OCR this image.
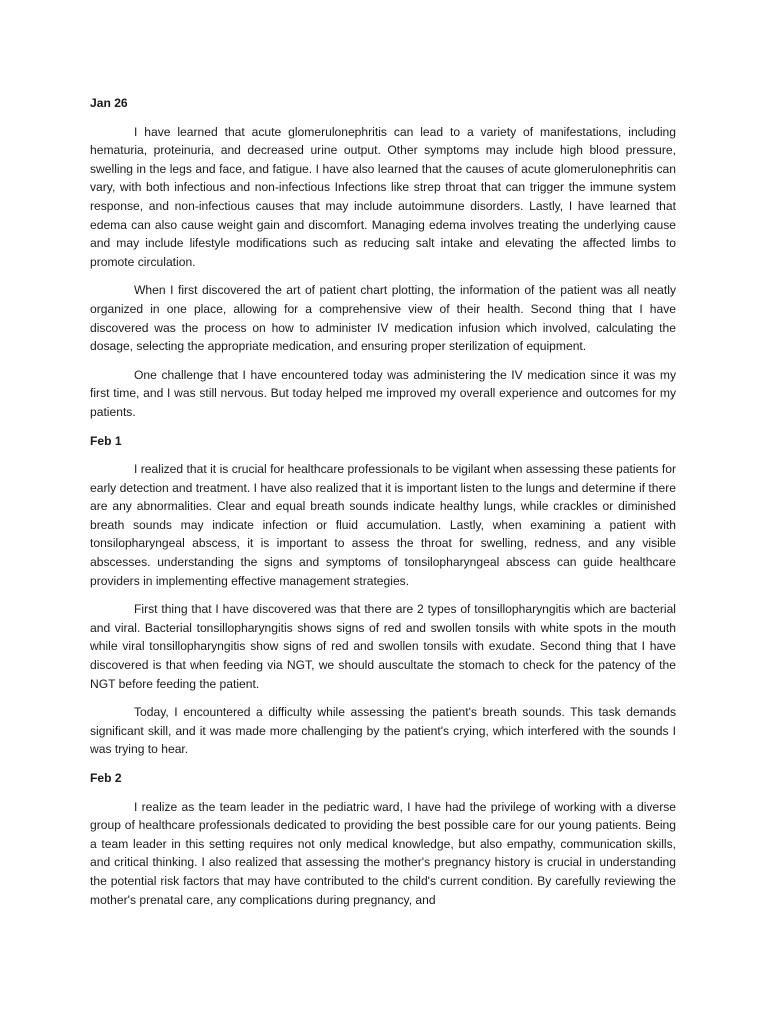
Jan 26

I have learned that acute glomerulonephritis can lead to a variety of manifestations, including hematuria, proteinuria, and decreased urine output. Other symptoms may include high blood pressure, swelling in the legs and face, and fatigue. I have also learned that the causes of acute glomerulonephritis can vary, with both infectious and non-infectious Infections like strep throat that can trigger the immune system response, and non-infectious causes that may include autoimmune disorders. Lastly, I have learned that edema can also cause weight gain and discomfort. Managing edema involves treating the underlying cause and may include lifestyle modifications such as reducing salt intake and elevating the affected limbs to promote circulation.

When I first discovered the art of patient chart plotting, the information of the patient was all neatly organized in one place, allowing for a comprehensive view of their health. Second thing that I have discovered was the process on how to administer IV medication infusion which involved, calculating the dosage, selecting the appropriate medication, and ensuring proper sterilization of equipment.

One challenge that I have encountered today was administering the IV medication since it was my first time, and I was still nervous. But today helped me improved my overall experience and outcomes for my patients.

Feb 1

I realized that it is crucial for healthcare professionals to be vigilant when assessing these patients for early detection and treatment. I have also realized that it is important listen to the lungs and determine if there are any abnormalities. Clear and equal breath sounds indicate healthy lungs, while crackles or diminished breath sounds may indicate infection or fluid accumulation. Lastly, when examining a patient with tonsilopharyngeal abscess, it is important to assess the throat for swelling, redness, and any visible abscesses. understanding the signs and symptoms of tonsilopharyngeal abscess can guide healthcare providers in implementing effective management strategies.

First thing that I have discovered was that there are 2 types of tonsillopharyngitis which are bacterial and viral. Bacterial tonsillopharyngitis shows signs of red and swollen tonsils with white spots in the mouth while viral tonsillopharyngitis show signs of red and swollen tonsils with exudate. Second thing that I have discovered is that when feeding via NGT, we should auscultate the stomach to check for the patency of the NGT before feeding the patient.

Today, I encountered a difficulty while assessing the patient's breath sounds. This task demands significant skill, and it was made more challenging by the patient's crying, which interfered with the sounds I was trying to hear.

Feb 2

I realize as the team leader in the pediatric ward, I have had the privilege of working with a diverse group of healthcare professionals dedicated to providing the best possible care for our young patients. Being a team leader in this setting requires not only medical knowledge, but also empathy, communication skills, and critical thinking. I also realized that assessing the mother's pregnancy history is crucial in understanding the potential risk factors that may have contributed to the child's current condition. By carefully reviewing the mother's prenatal care, any complications during pregnancy, and
